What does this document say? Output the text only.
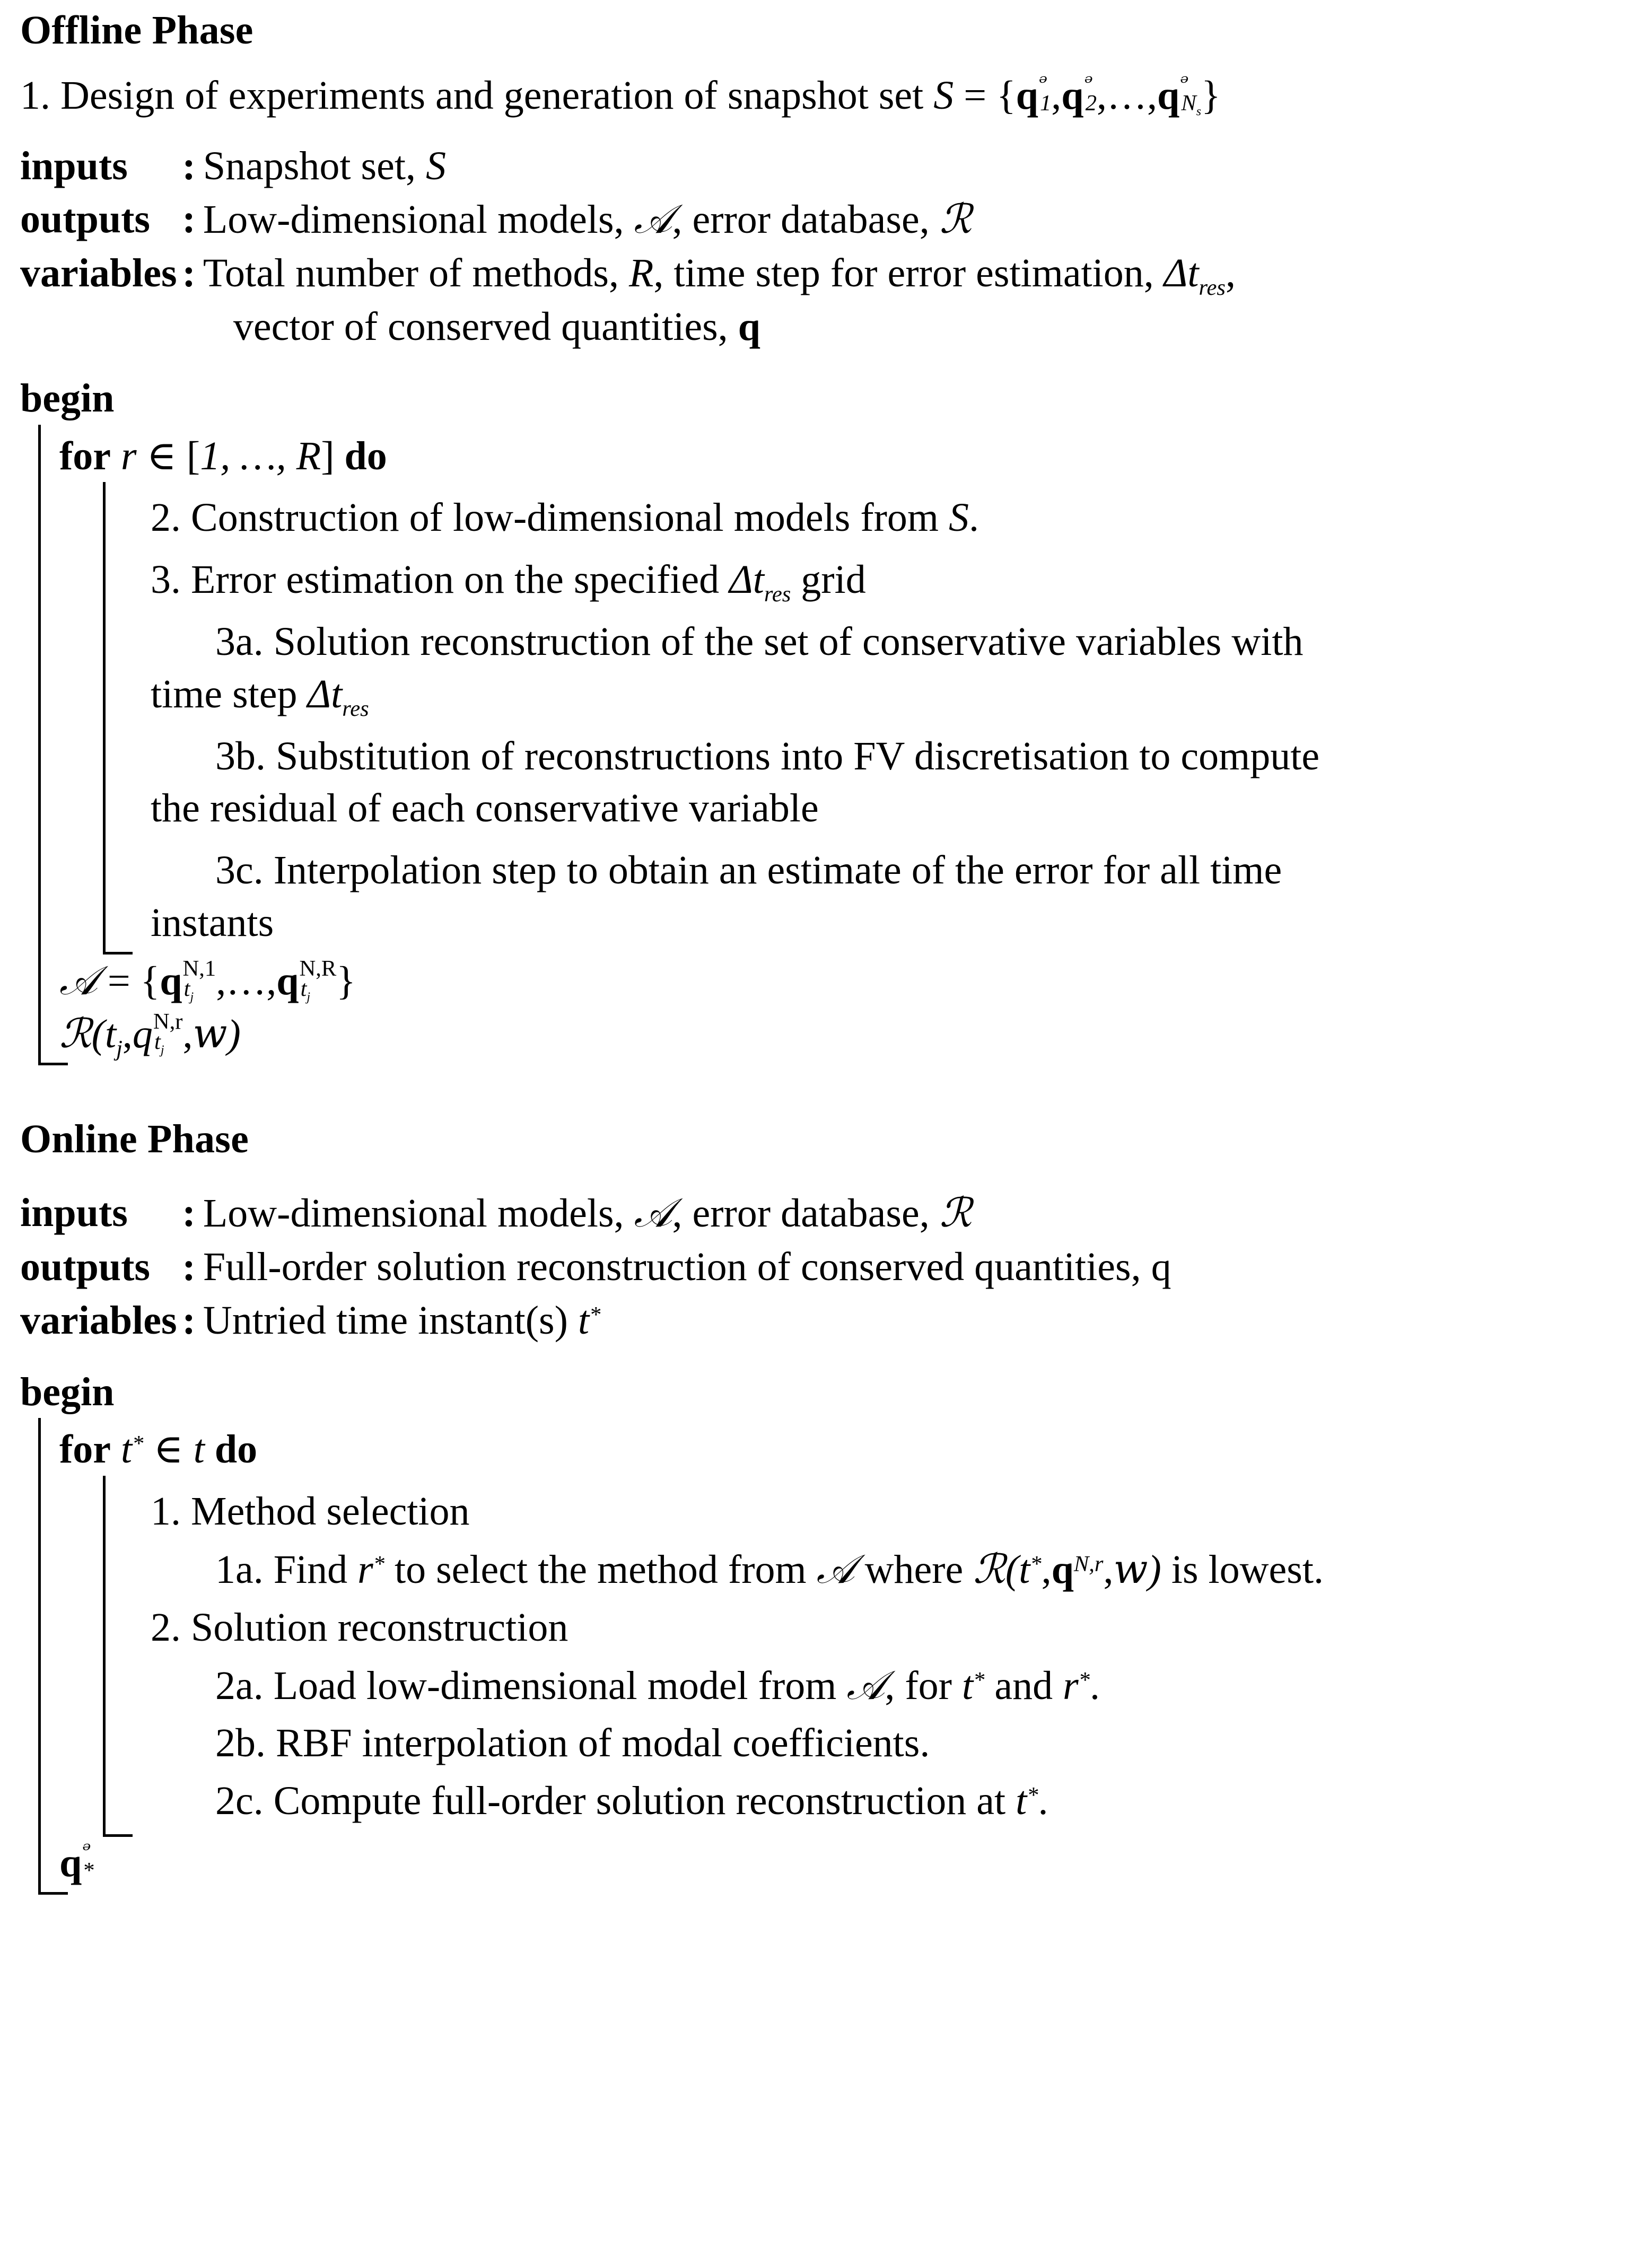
Offline Phase
1. Design of experiments and generation of snapshot set S = {q ᵊ
1 ,q ᵊ
2 ,…,q ᵊ
$N_s$ }
inputs	:	Snapshot set, S
outputs	:	Low-dimensional models, 𝒜, error database, ℛ
variables	:	Total number of methods, R, time step for error estimation, $\Delta t_{res}$,
		vector of conserved quantities, q
begin
for r ∈ [1, …, R] do
2. Construction of low-dimensional models from S.
3. Error estimation on the specified $\Delta t_{res}$ grid
3a. Solution reconstruction of the set of conservative variables with
time step $\Delta t_{res}$
3b. Substitution of reconstructions into FV discretisation to compute
the residual of each conservative variable
3c. Interpolation step to obtain an estimate of the error for all time
instants
𝒜 = {q N,1
$t_j$ ,…,q N,R
$t_j$ }
$ℛ(t_j,q$ N,r
$t_j$ ,w)
Online Phase
inputs	:	Low-dimensional models, 𝒜, error database, ℛ
outputs	:	Full-order solution reconstruction of conserved quantities, q
variables	:	Untried time instant(s) t*
begin
for t* ∈ t do
1. Method selection
1a. Find r* to select the method from 𝒜 where $ℛ(t^*,q^{N,r},w)$ is lowest.
2. Solution reconstruction
2a. Load low-dimensional model from 𝒜, for t* and r*.
2b. RBF interpolation of modal coefficients.
2c. Compute full-order solution reconstruction at t*.
q ᵊ
*
